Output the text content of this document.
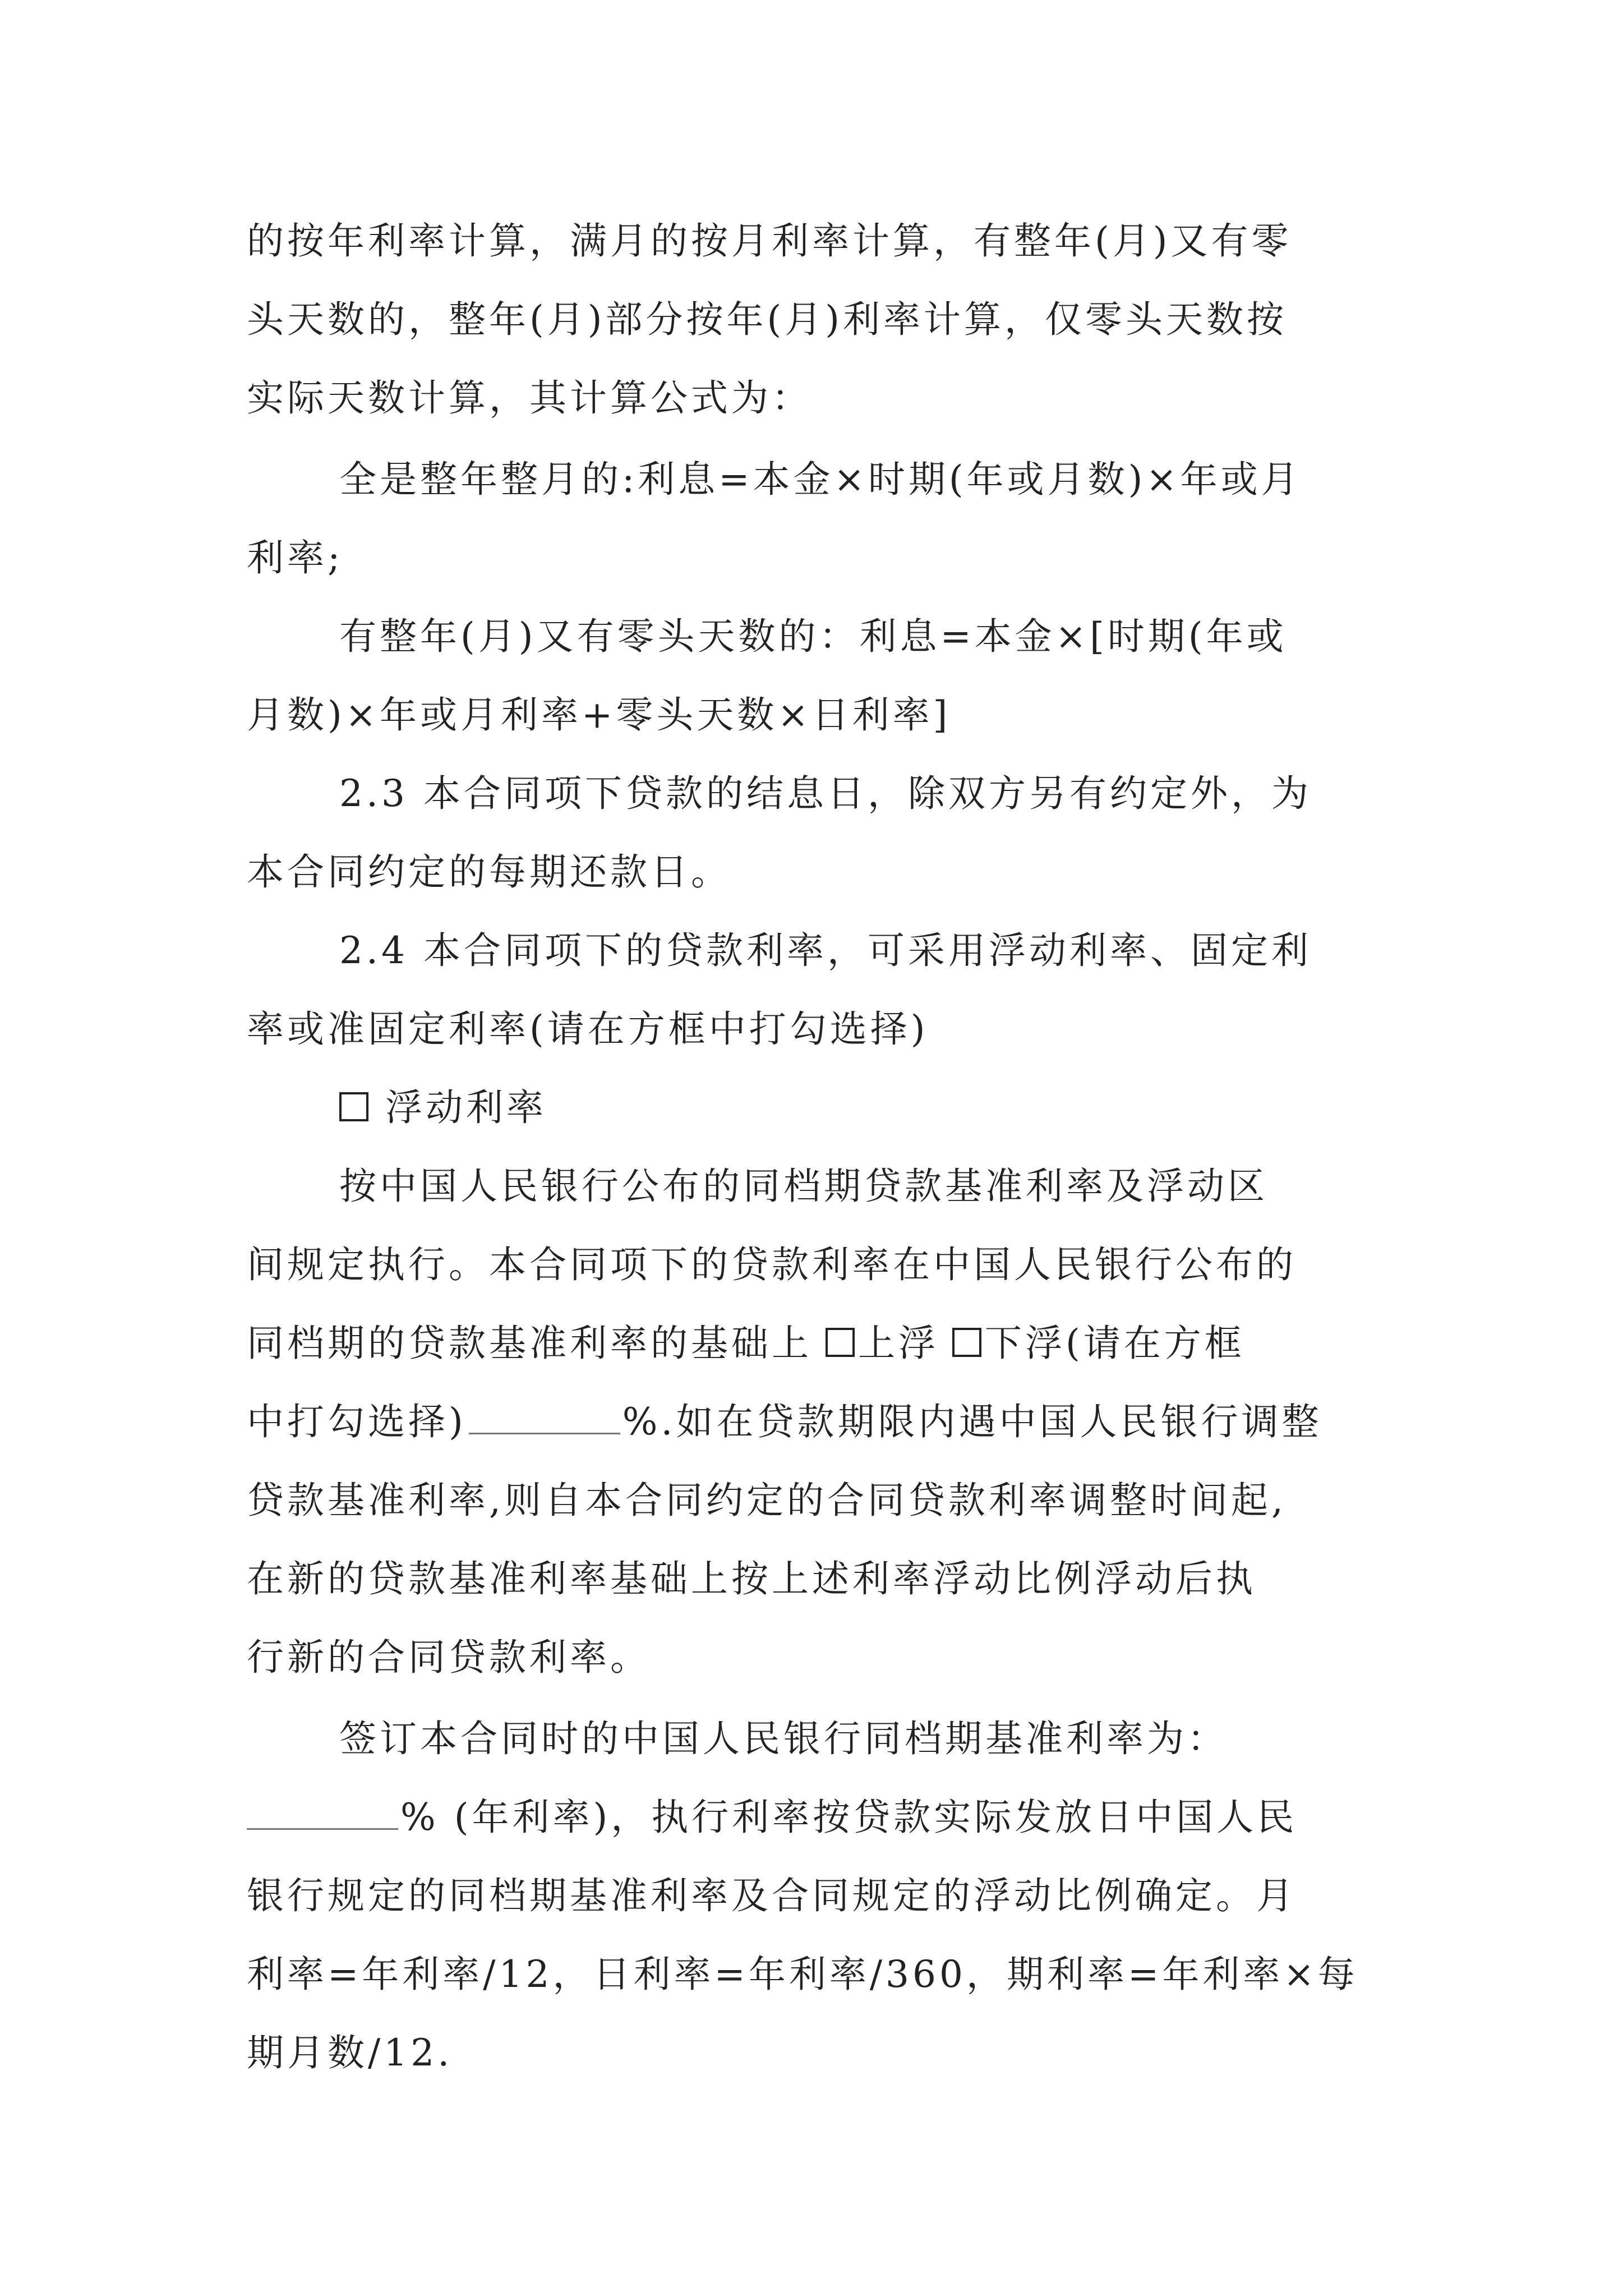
的按年利率计算，满月的按月利率计算，有整年(月)又有零
头天数的，整年(月)部分按年(月)利率计算，仅零头天数按
实际天数计算，其计算公式为：
全是整年整月的:利息=本金×时期(年或月数)×年或月
利率;
有整年(月)又有零头天数的：利息=本金×[时期(年或
月数)×年或月利率+零头天数×日利率]
2.3 本合同项下贷款的结息日，除双方另有约定外，为
本合同约定的每期还款日。
2.4 本合同项下的贷款利率，可采用浮动利率、固定利
率或准固定利率(请在方框中打勾选择)
浮动利率
按中国人民银行公布的同档期贷款基准利率及浮动区
间规定执行。本合同项下的贷款利率在中国人民银行公布的
同档期的贷款基准利率的基础上 上浮 下浮(请在方框
中打勾选择)	%.如在贷款期限内遇中国人民银行调整
贷款基准利率,则自本合同约定的合同贷款利率调整时间起,
在新的贷款基准利率基础上按上述利率浮动比例浮动后执
行新的合同贷款利率。
签订本合同时的中国人民银行同档期基准利率为：
% (年利率)，执行利率按贷款实际发放日中国人民
银行规定的同档期基准利率及合同规定的浮动比例确定。月
利率=年利率/12，日利率=年利率/360，期利率=年利率×每
期月数/12.
